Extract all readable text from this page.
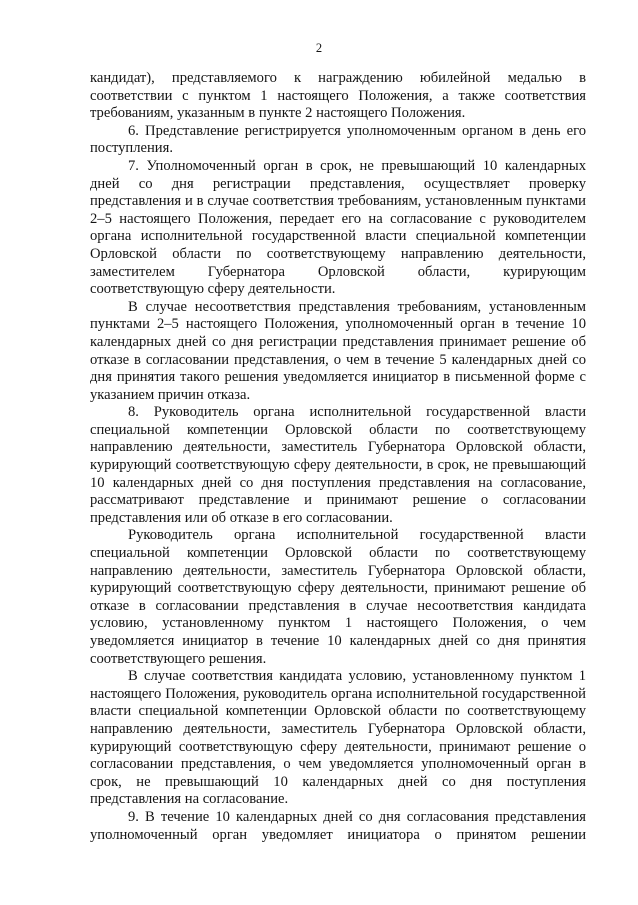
2

кандидат), представляемого к награждению юбилейной медалью в соответствии с пунктом 1 настоящего Положения, а также соответствия требованиям, указанным в пункте 2 настоящего Положения.

6. Представление регистрируется уполномоченным органом в день его поступления.

7. Уполномоченный орган в срок, не превышающий 10 календарных дней со дня регистрации представления, осуществляет проверку представления и в случае соответствия требованиям, установленным пунктами 2–5 настоящего Положения, передает его на согласование с руководителем органа исполнительной государственной власти специальной компетенции Орловской области по соответствующему направлению деятельности, заместителем Губернатора Орловской области, курирующим соответствующую сферу деятельности.

В случае несоответствия представления требованиям, установленным пунктами 2–5 настоящего Положения, уполномоченный орган в течение 10 календарных дней со дня регистрации представления принимает решение об отказе в согласовании представления, о чем в течение 5 календарных дней со дня принятия такого решения уведомляется инициатор в письменной форме с указанием причин отказа.

8. Руководитель органа исполнительной государственной власти специальной компетенции Орловской области по соответствующему направлению деятельности, заместитель Губернатора Орловской области, курирующий соответствующую сферу деятельности, в срок, не превышающий 10 календарных дней со дня поступления представления на согласование, рассматривают представление и принимают решение о согласовании представления или об отказе в его согласовании.

Руководитель органа исполнительной государственной власти специальной компетенции Орловской области по соответствующему направлению деятельности, заместитель Губернатора Орловской области, курирующий соответствующую сферу деятельности, принимают решение об отказе в согласовании представления в случае несоответствия кандидата условию, установленному пунктом 1 настоящего Положения, о чем уведомляется инициатор в течение 10 календарных дней со дня принятия соответствующего решения.

В случае соответствия кандидата условию, установленному пунктом 1 настоящего Положения, руководитель органа исполнительной государственной власти специальной компетенции Орловской области по соответствующему направлению деятельности, заместитель Губернатора Орловской области, курирующий соответствующую сферу деятельности, принимают решение о согласовании представления, о чем уведомляется уполномоченный орган в срок, не превышающий 10 календарных дней со дня поступления представления на согласование.

9. В течение 10 календарных дней со дня согласования представления уполномоченный орган уведомляет инициатора о принятом решении
